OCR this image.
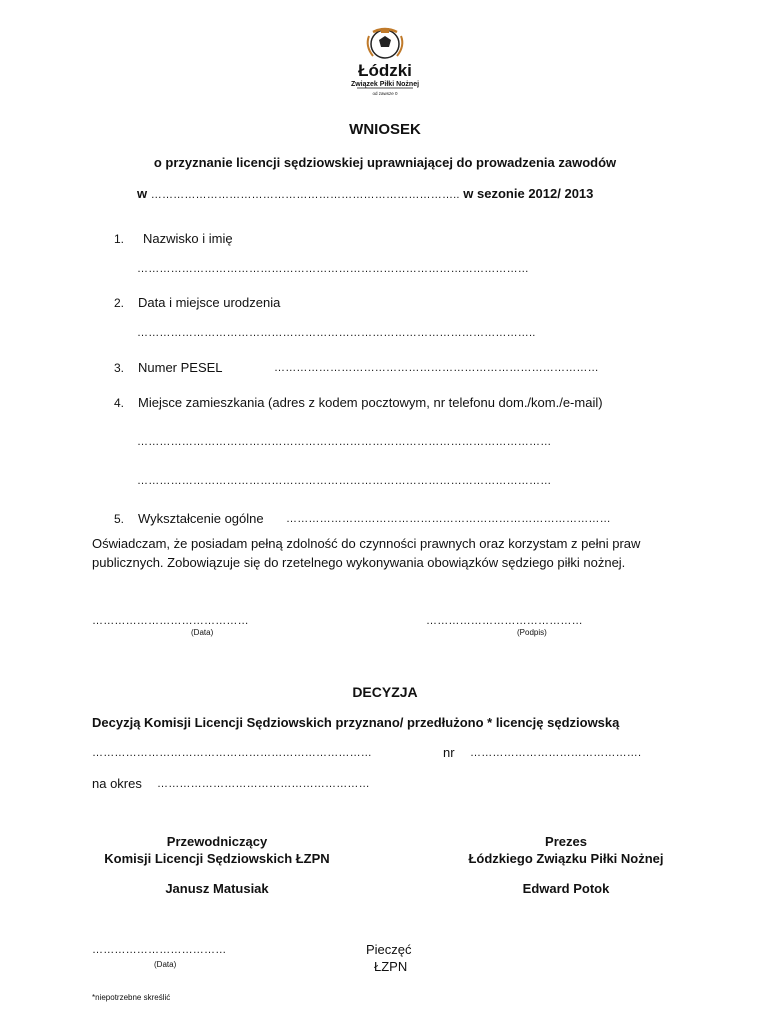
Łódzki
Związek Piłki Nożnej
od zawsze 0
WNIOSEK
o przyznanie licencji sędziowskiej uprawniającej do prowadzenia zawodów
w ……………………………………………………………………….. w sezonie 2012/ 2013
1. Nazwisko i imię
……………………………………………………………………………………………
2. Data i miejsce urodzenia
……………………………………………………………………………………………..
3. Numer PESEL	……………………………………………………………………………
4. Miejsce zamieszkania (adres z kodem pocztowym, nr telefonu dom./kom./e-mail)
…………………………………………………………………………………………………
…………………………………………………………………………………………………
5. Wykształcenie ogólne ……………………………………………………………………………
Oświadczam, że posiadam pełną zdolność do czynności prawnych oraz korzystam z pełni praw
publicznych. Zobowiązuje się do rzetelnego wykonywania obowiązków sędziego piłki nożnej.
……………………………………
(Data)
……………………………………
(Podpis)
DECYZJA
Decyzją Komisji Licencji Sędziowskich przyznano/ przedłużono * licencję sędziowską
…………………………………………………………………	nr ……………………………………….
na okres …………………………………………………
Przewodniczący
Komisji Licencji Sędziowskich ŁZPN
Janusz Matusiak
Prezes
Łódzkiego Związku Piłki Nożnej
Edward Potok
………………………………
(Data)
Pieczęć
ŁZPN
*niepotrzebne skreślić
